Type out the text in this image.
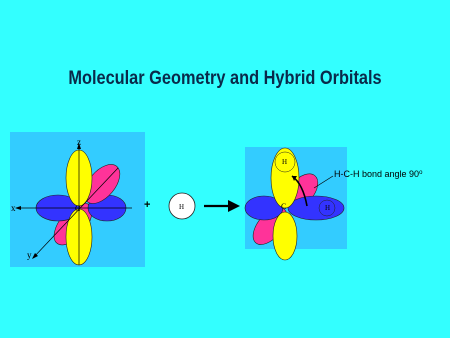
Molecular Geometry and Hybrid Orbitals
z
x
y
C	+	H	C
H
H
H-C-H bond angle 90$^o$
